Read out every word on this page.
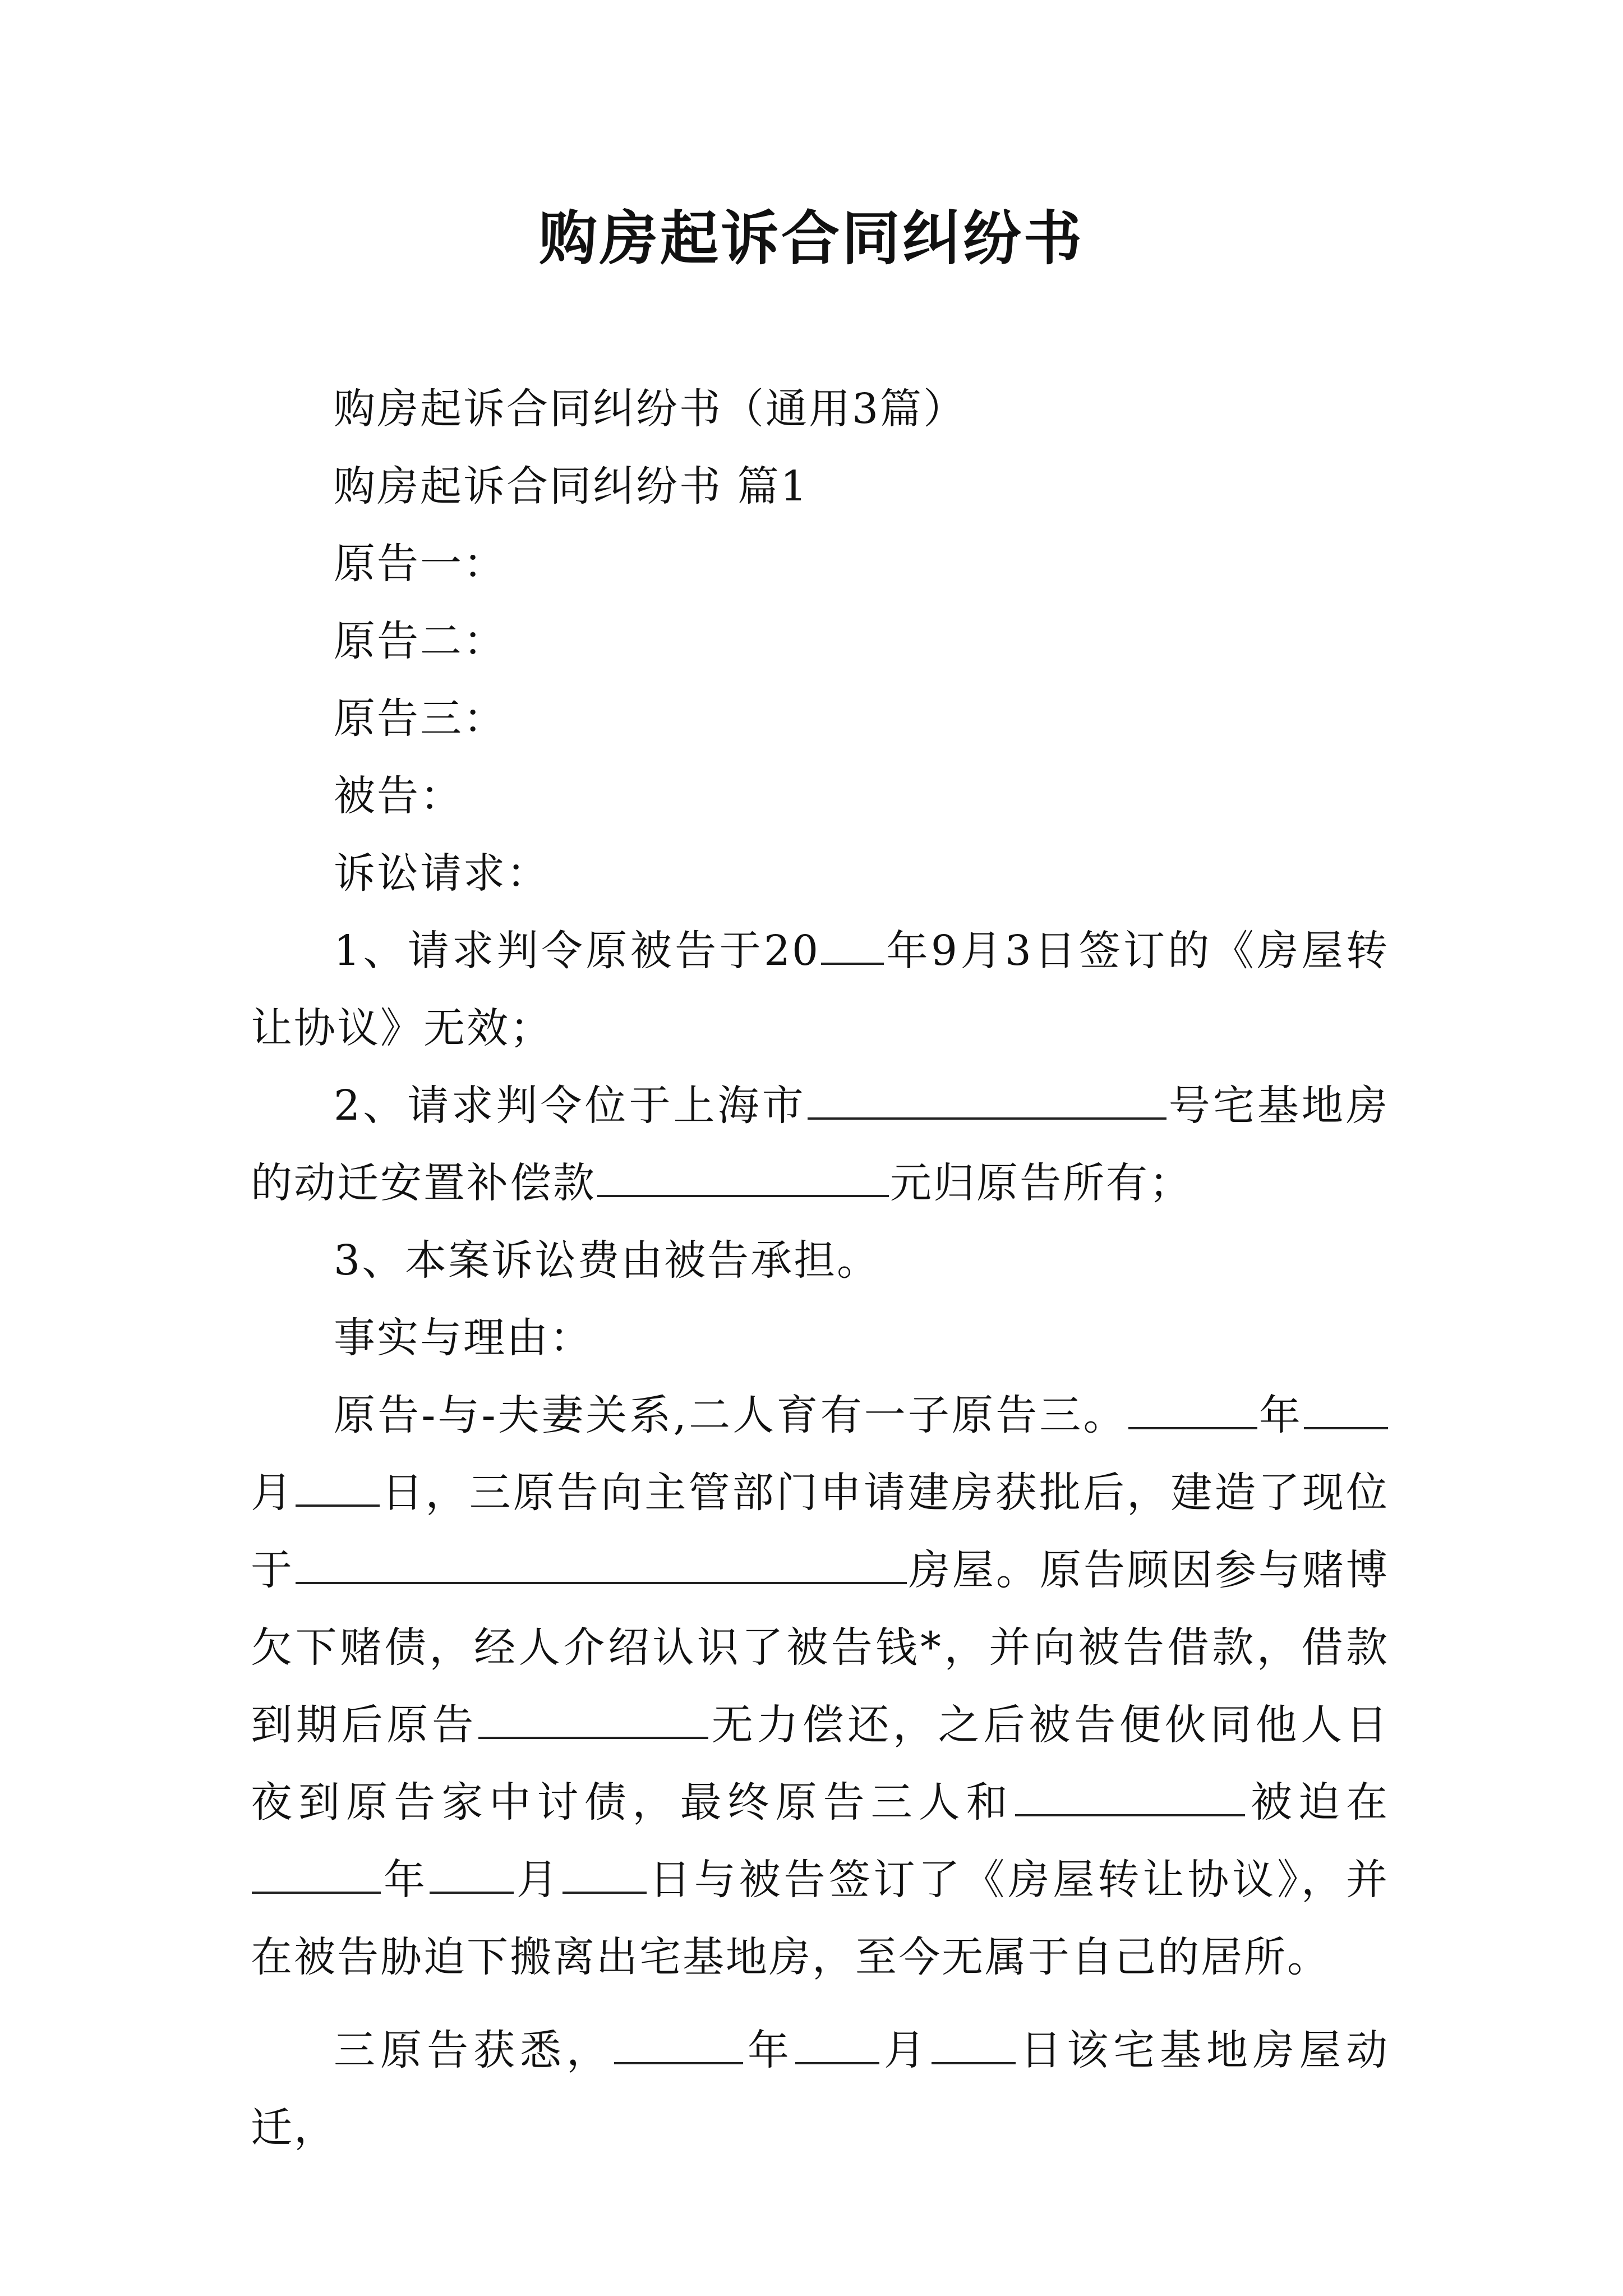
购房起诉合同纠纷书

购房起诉合同纠纷书（通用3篇）

购房起诉合同纠纷书 篇1

原告一：

原告二：

原告三：

被告：

诉讼请求：

1、请求判令原被告于20 年9月3日签订的《房屋转让协议》无效；

2、请求判令位于上海市	号宅基地房的动迁安置补偿款	元归原告所有；

3、本案诉讼费由被告承担。

事实与理由：

原告-与-夫妻关系,二人育有一子原告三。	年月 日，三原告向主管部门申请建房获批后，建造了现位于	房屋。原告顾因参与赌博欠下赌债，经人介绍认识了被告钱*，并向被告借款，借款到期后原告	无力偿还，之后被告便伙同他人日夜到原告家中讨债，最终原告三人和	被迫在年 月 日与被告签订了《房屋转让协议》，并在被告胁迫下搬离出宅基地房，至今无属于自己的居所。

三原告获悉，	年 月 日该宅基地房屋动迁，
